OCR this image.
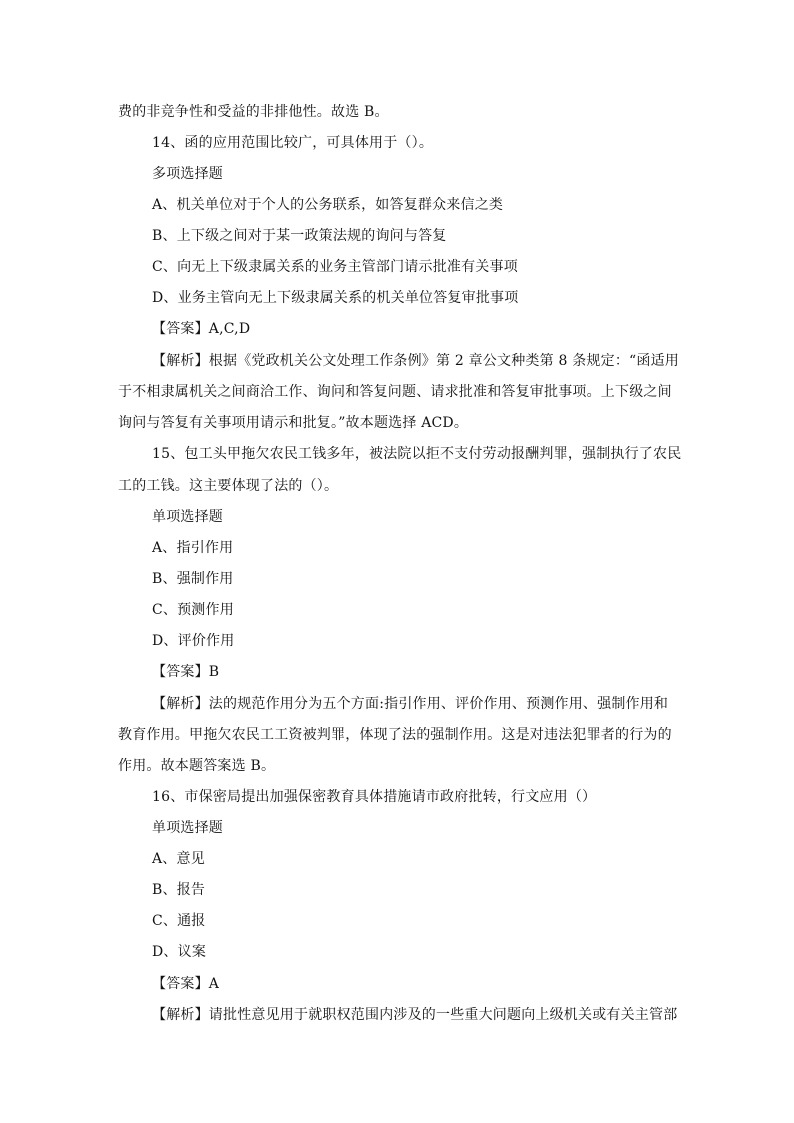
费的非竞争性和受益的非排他性。故选 B。
14、函的应用范围比较广，可具体用于（）。
多项选择题
A、机关单位对于个人的公务联系，如答复群众来信之类
B、上下级之间对于某一政策法规的询问与答复
C、向无上下级隶属关系的业务主管部门请示批准有关事项
D、业务主管向无上下级隶属关系的机关单位答复审批事项
【答案】A,C,D
【解析】根据《党政机关公文处理工作条例》第 2 章公文种类第 8 条规定：“函适用
于不相隶属机关之间商洽工作、询问和答复问题、请求批准和答复审批事项。上下级之间
询问与答复有关事项用请示和批复。”故本题选择 ACD。
15、包工头甲拖欠农民工钱多年，被法院以拒不支付劳动报酬判罪，强制执行了农民
工的工钱。这主要体现了法的（）。
单项选择题
A、指引作用
B、强制作用
C、预测作用
D、评价作用
【答案】B
【解析】法的规范作用分为五个方面:指引作用、评价作用、预测作用、强制作用和
教育作用。甲拖欠农民工工资被判罪，体现了法的强制作用。这是对违法犯罪者的行为的
作用。故本题答案选 B。
16、市保密局提出加强保密教育具体措施请市政府批转，行文应用（）
单项选择题
A、意见
B、报告
C、通报
D、议案
【答案】A
【解析】请批性意见用于就职权范围内涉及的一些重大问题向上级机关或有关主管部
